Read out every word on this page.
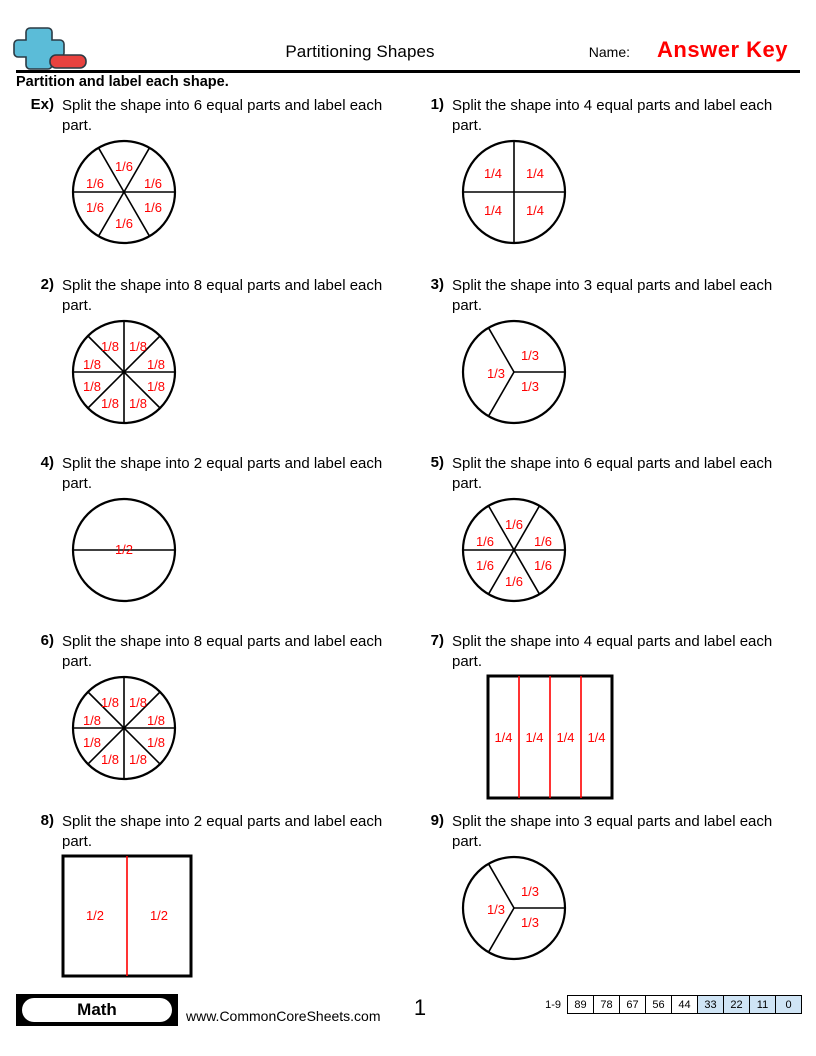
Partitioning Shapes	Name: Answer Key
Partition and label each shape.
Ex) Split the shape into 6 equal parts and label each part.
1/6
1/6	1/6
1/6	1/6
1/6
1) Split the shape into 4 equal parts and label each part.
1/4 1/4
1/4 1/4
2) Split the shape into 8 equal parts and label each part.
1/8 1/8
1/8	1/8
1/8	1/8
1/8 1/8
3) Split the shape into 3 equal parts and label each part.
1/3
1/3
1/3
4) Split the shape into 2 equal parts and label each part.
1/2
5) Split the shape into 6 equal parts and label each part.
1/6
1/6	1/6
1/6	1/6
1/6
6) Split the shape into 8 equal parts and label each part.
1/8 1/8
1/8	1/8
1/8	1/8
1/8 1/8
7) Split the shape into 4 equal parts and label each part.
1/4 1/4 1/4 1/4
8) Split the shape into 2 equal parts and label each part.
1/2	1/2
9) Split the shape into 3 equal parts and label each part.
1/3
1/3
1/3
Math	www.CommonCoreSheets.com	1	1-9	89	78	67	56	44	33	22	11	0
